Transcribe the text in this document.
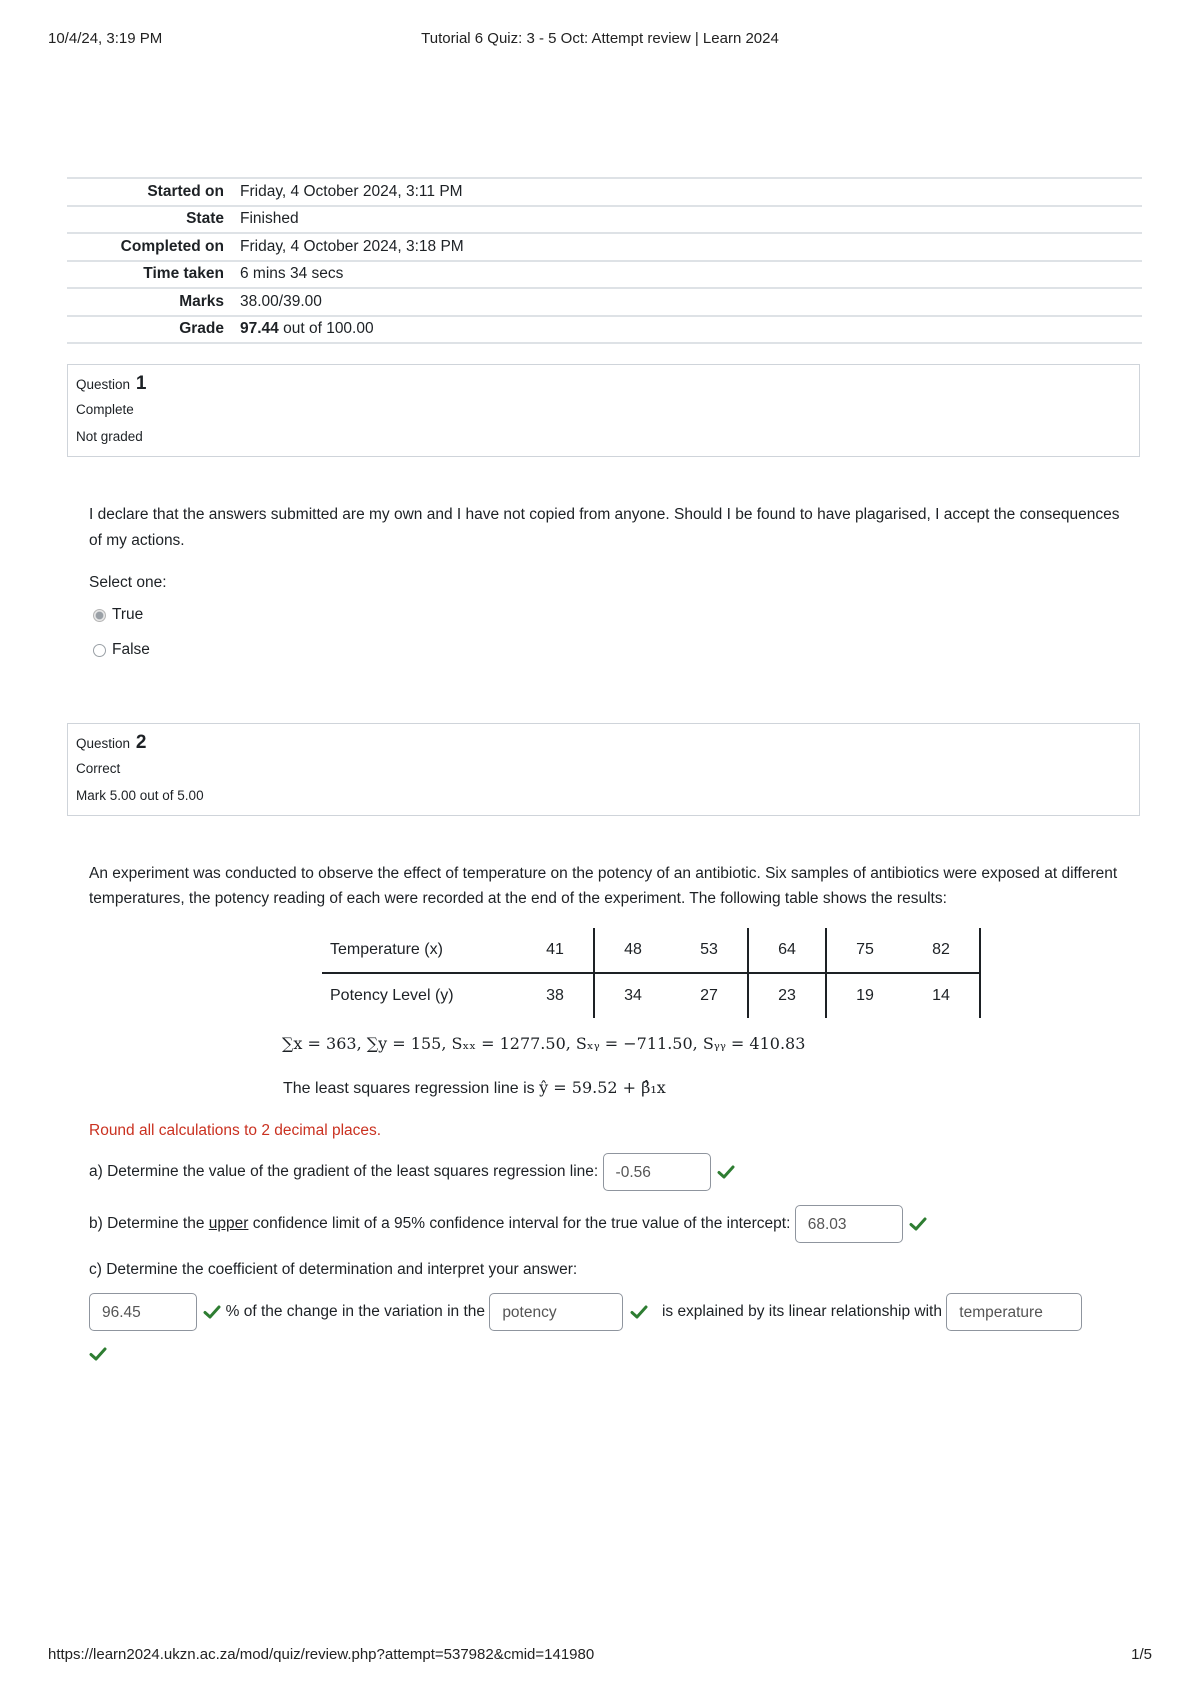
10/4/24, 3:19 PM	Tutorial 6 Quiz: 3 - 5 Oct: Attempt review | Learn 2024
Started on	Friday, 4 October 2024, 3:11 PM
State	Finished
Completed on	Friday, 4 October 2024, 3:18 PM
Time taken	6 mins 34 secs
Marks	38.00/39.00
Grade	97.44 out of 100.00
Question 1
Complete
Not graded
I declare that the answers submitted are my own and I have not copied from anyone. Should I be found to have plagarised, I accept the consequences of my actions.
Select one:
True
False
Question 2
Correct
Mark 5.00 out of 5.00
An experiment was conducted to observe the effect of temperature on the potency of an antibiotic. Six samples of antibiotics were exposed at different temperatures, the potency reading of each were recorded at the end of the experiment. The following table shows the results:
Temperature (x)	41	48	53	64	75	82
Potency Level (y)	38	34	27	23	19	14
∑x = 363, ∑y = 155, Sₓₓ = 1277.50, Sₓᵧ = −711.50, Sᵧᵧ = 410.83
The least squares regression line is ŷ = 59.52 + β̂₁x
Round all calculations to 2 decimal places.
a) Determine the value of the gradient of the least squares regression line: -0.56
b) Determine the upper confidence limit of a 95% confidence interval for the true value of the intercept: 68.03
c) Determine the coefficient of determination and interpret your answer:
96.45	% of the change in the variation in the potency	is explained by its linear relationship with temperature
https://learn2024.ukzn.ac.za/mod/quiz/review.php?attempt=537982&cmid=141980	1/5
